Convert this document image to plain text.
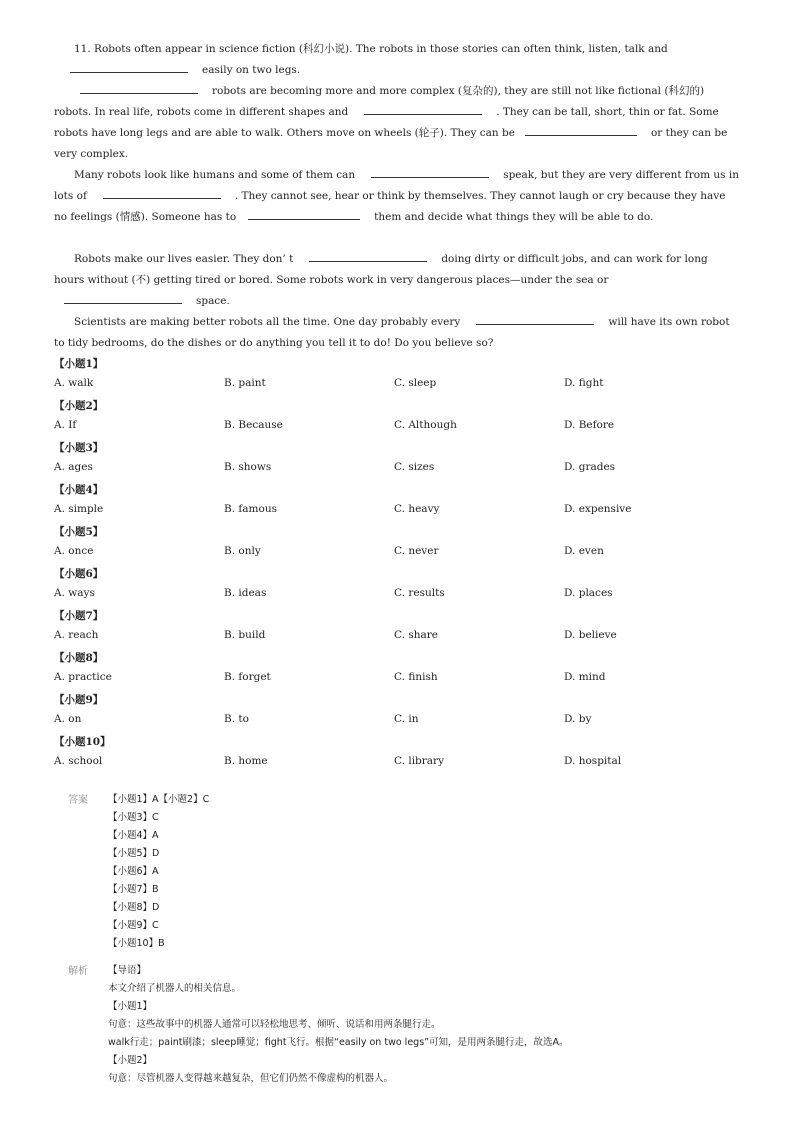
11. Robots often appear in science fiction (科幻小说). The robots in those stories can often think, listen, talk andeasily on two legs.
robots are becoming more and more complex (复杂的), they are still not like fictional (科幻的) robots. In real life, robots come in different shapes and	. They can be tall, short, thin or fat. Some robots have long legs and are able to walk. Others move on wheels (轮子). They can be	or they can be very complex.
Many robots look like humans and some of them can	speak, but they are very different from us in lots of	. They cannot see, hear or think by themselves. They cannot laugh or cry because they have no feelings (情感). Someone has to	them and decide what things they will be able to do.
Robots make our lives easier. They don’ t	doing dirty or difficult jobs, and can work for long hours without (不) getting tired or bored. Some robots work in very dangerous places—under the sea orspace.
Scientists are making better robots all the time. One day probably every	will have its own robot to tidy bedrooms, do the dishes or do anything you tell it to do! Do you believe so?
【小题1】
A. walk	B. paint	C. sleep	D. fight
【小题2】
A. If	B. Because	C. Although	D. Before
【小题3】
A. ages	B. shows	C. sizes	D. grades
【小题4】
A. simple	B. famous	C. heavy	D. expensive
【小题5】
A. once	B. only	C. never	D. even
【小题6】
A. ways	B. ideas	C. results	D. places
【小题7】
A. reach	B. build	C. share	D. believe
【小题8】
A. practice	B. forget	C. finish	D. mind
【小题9】
A. on	B. to	C. in	D. by
【小题10】
A. school	B. home	C. library	D. hospital
答案 【小题1】A【小题2】C
【小题3】C
【小题4】A
【小题5】D
【小题6】A
【小题7】B
【小题8】D
【小题9】C
【小题10】B
解析 【导语】
本文介绍了机器人的相关信息。
【小题1】
句意：这些故事中的机器人通常可以轻松地思考、倾听、说话和用两条腿行走。
walk行走；paint刷漆；sleep睡觉；fight飞行。根据“easily on two legs”可知，是用两条腿行走，故选A。
【小题2】
句意：尽管机器人变得越来越复杂，但它们仍然不像虚构的机器人。
